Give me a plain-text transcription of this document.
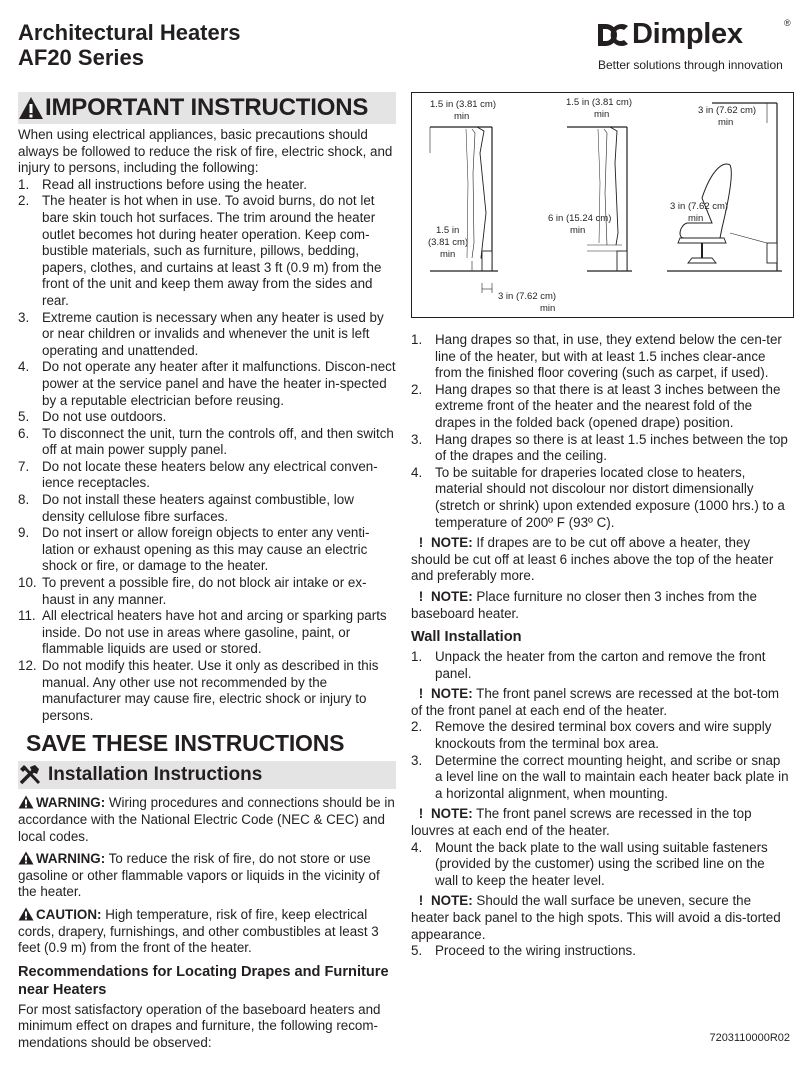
Architectural Heaters
AF20 Series
Dimplex	®
Better solutions through innovation
IMPORTANT INSTRUCTIONS

When using electrical appliances, basic precautions should always be followed to reduce the risk of fire, electric shock, and injury to persons, including the following:

1. Read all instructions before using the heater.
2. The heater is hot when in use. To avoid burns, do not let bare skin touch hot surfaces. The trim around the heater outlet becomes hot during heater operation. Keep com-bustible materials, such as furniture, pillows, bedding, papers, clothes, and curtains at least 3 ft (0.9 m) from the front of the unit and keep them away from the sides and rear.
3. Extreme caution is necessary when any heater is used by or near children or invalids and whenever the unit is left operating and unattended.
4. Do not operate any heater after it malfunctions. Discon-nect power at the service panel and have the heater in-spected by a reputable electrician before reusing.
5. Do not use outdoors.
6. To disconnect the unit, turn the controls off, and then switch off at main power supply panel.
7. Do not locate these heaters below any electrical conven-ience receptacles.
8. Do not install these heaters against combustible, low density cellulose fibre surfaces.
9. Do not insert or allow foreign objects to enter any venti-lation or exhaust opening as this may cause an electric shock or fire, or damage to the heater.
10. To prevent a possible fire, do not block air intake or ex-haust in any manner.
11. All electrical heaters have hot and arcing or sparking parts inside. Do not use in areas where gasoline, paint, or flammable liquids are used or stored.
12. Do not modify this heater. Use it only as described in this manual. Any other use not recommended by the manufacturer may cause fire, electric shock or injury to persons.
SAVE THESE INSTRUCTIONS
Installation Instructions
WARNING: Wiring procedures and connections should be in accordance with the National Electric Code (NEC & CEC) and local codes.
WARNING: To reduce the risk of fire, do not store or use gasoline or other flammable vapors or liquids in the vicinity of the heater.
CAUTION: High temperature, risk of fire, keep electrical cords, drapery, furnishings, and other combustibles at least 3 feet (0.9 m) from the front of the heater.
Recommendations for Locating Drapes and Furniture near Heaters

For most satisfactory operation of the baseboard heaters and minimum effect on drapes and furniture, the following recom-mendations should be observed:

1.5 in (3.81 cm)
min
1.5 in (3.81 cm)
min	3 in (7.62 cm)
min
1.5 in
(3.81 cm)
min
6 in (15.24 cm)
min
3 in (7.62 cm)
min
3 in (7.62 cm)
min
1. Hang drapes so that, in use, they extend below the cen-ter line of the heater, but with at least 1.5 inches clear-ance from the finished floor covering (such as carpet, if used).
2. Hang drapes so that there is at least 3 inches between the extreme front of the heater and the nearest fold of the drapes in the folded back (opened drape) position.
3. Hang drapes so there is at least 1.5 inches between the top of the drapes and the ceiling.
4. To be suitable for draperies located close to heaters, material should not discolour nor distort dimensionally (stretch or shrink) upon extended exposure (1000 hrs.) to a temperature of 200º F (93º C).
! NOTE: If drapes are to be cut off above a heater, they should be cut off at least 6 inches above the top of the heater and preferably more.
! NOTE: Place furniture no closer then 3 inches from the baseboard heater.
Wall Installation
1. Unpack the heater from the carton and remove the front panel.
! NOTE: The front panel screws are recessed at the bot-tom of the front panel at each end of the heater.
2. Remove the desired terminal box covers and wire supply knockouts from the terminal box area.
3. Determine the correct mounting height, and scribe or snap a level line on the wall to maintain each heater back plate in a horizontal alignment, when mounting.
! NOTE: The front panel screws are recessed in the top louvres at each end of the heater.
4. Mount the back plate to the wall using suitable fasteners (provided by the customer) using the scribed line on the wall to keep the heater level.
! NOTE: Should the wall surface be uneven, secure the heater back panel to the high spots. This will avoid a dis-torted appearance.
5. Proceed to the wiring instructions.
7203110000R02
